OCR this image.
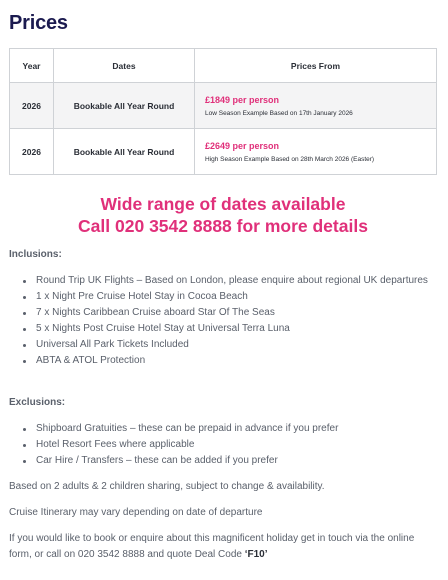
Prices
Year	Dates	Prices From
2026	Bookable All Year Round	£1849 per person
Low Season Example Based on 17th January 2026

2026	Bookable All Year Round	£2649 per person
High Season Example Based on 28th March 2026 (Easter)
Wide range of dates available
Call 020 3542 8888 for more details

Inclusions:

Round Trip UK Flights – Based on London, please enquire about regional UK departures
1 x Night Pre Cruise Hotel Stay in Cocoa Beach
7 x Nights Caribbean Cruise aboard Star Of The Seas
5 x Nights Post Cruise Hotel Stay at Universal Terra Luna
Universal All Park Tickets Included
ABTA & ATOL Protection

Exclusions:

Shipboard Gratuities – these can be prepaid in advance if you prefer
Hotel Resort Fees where applicable
Car Hire / Transfers – these can be added if you prefer

Based on 2 adults & 2 children sharing, subject to change & availability.

Cruise Itinerary may vary depending on date of departure

If you would like to book or enquire about this magnificent holiday get in touch via the online form, or call on 020 3542 8888 and quote Deal Code ‘F10’
